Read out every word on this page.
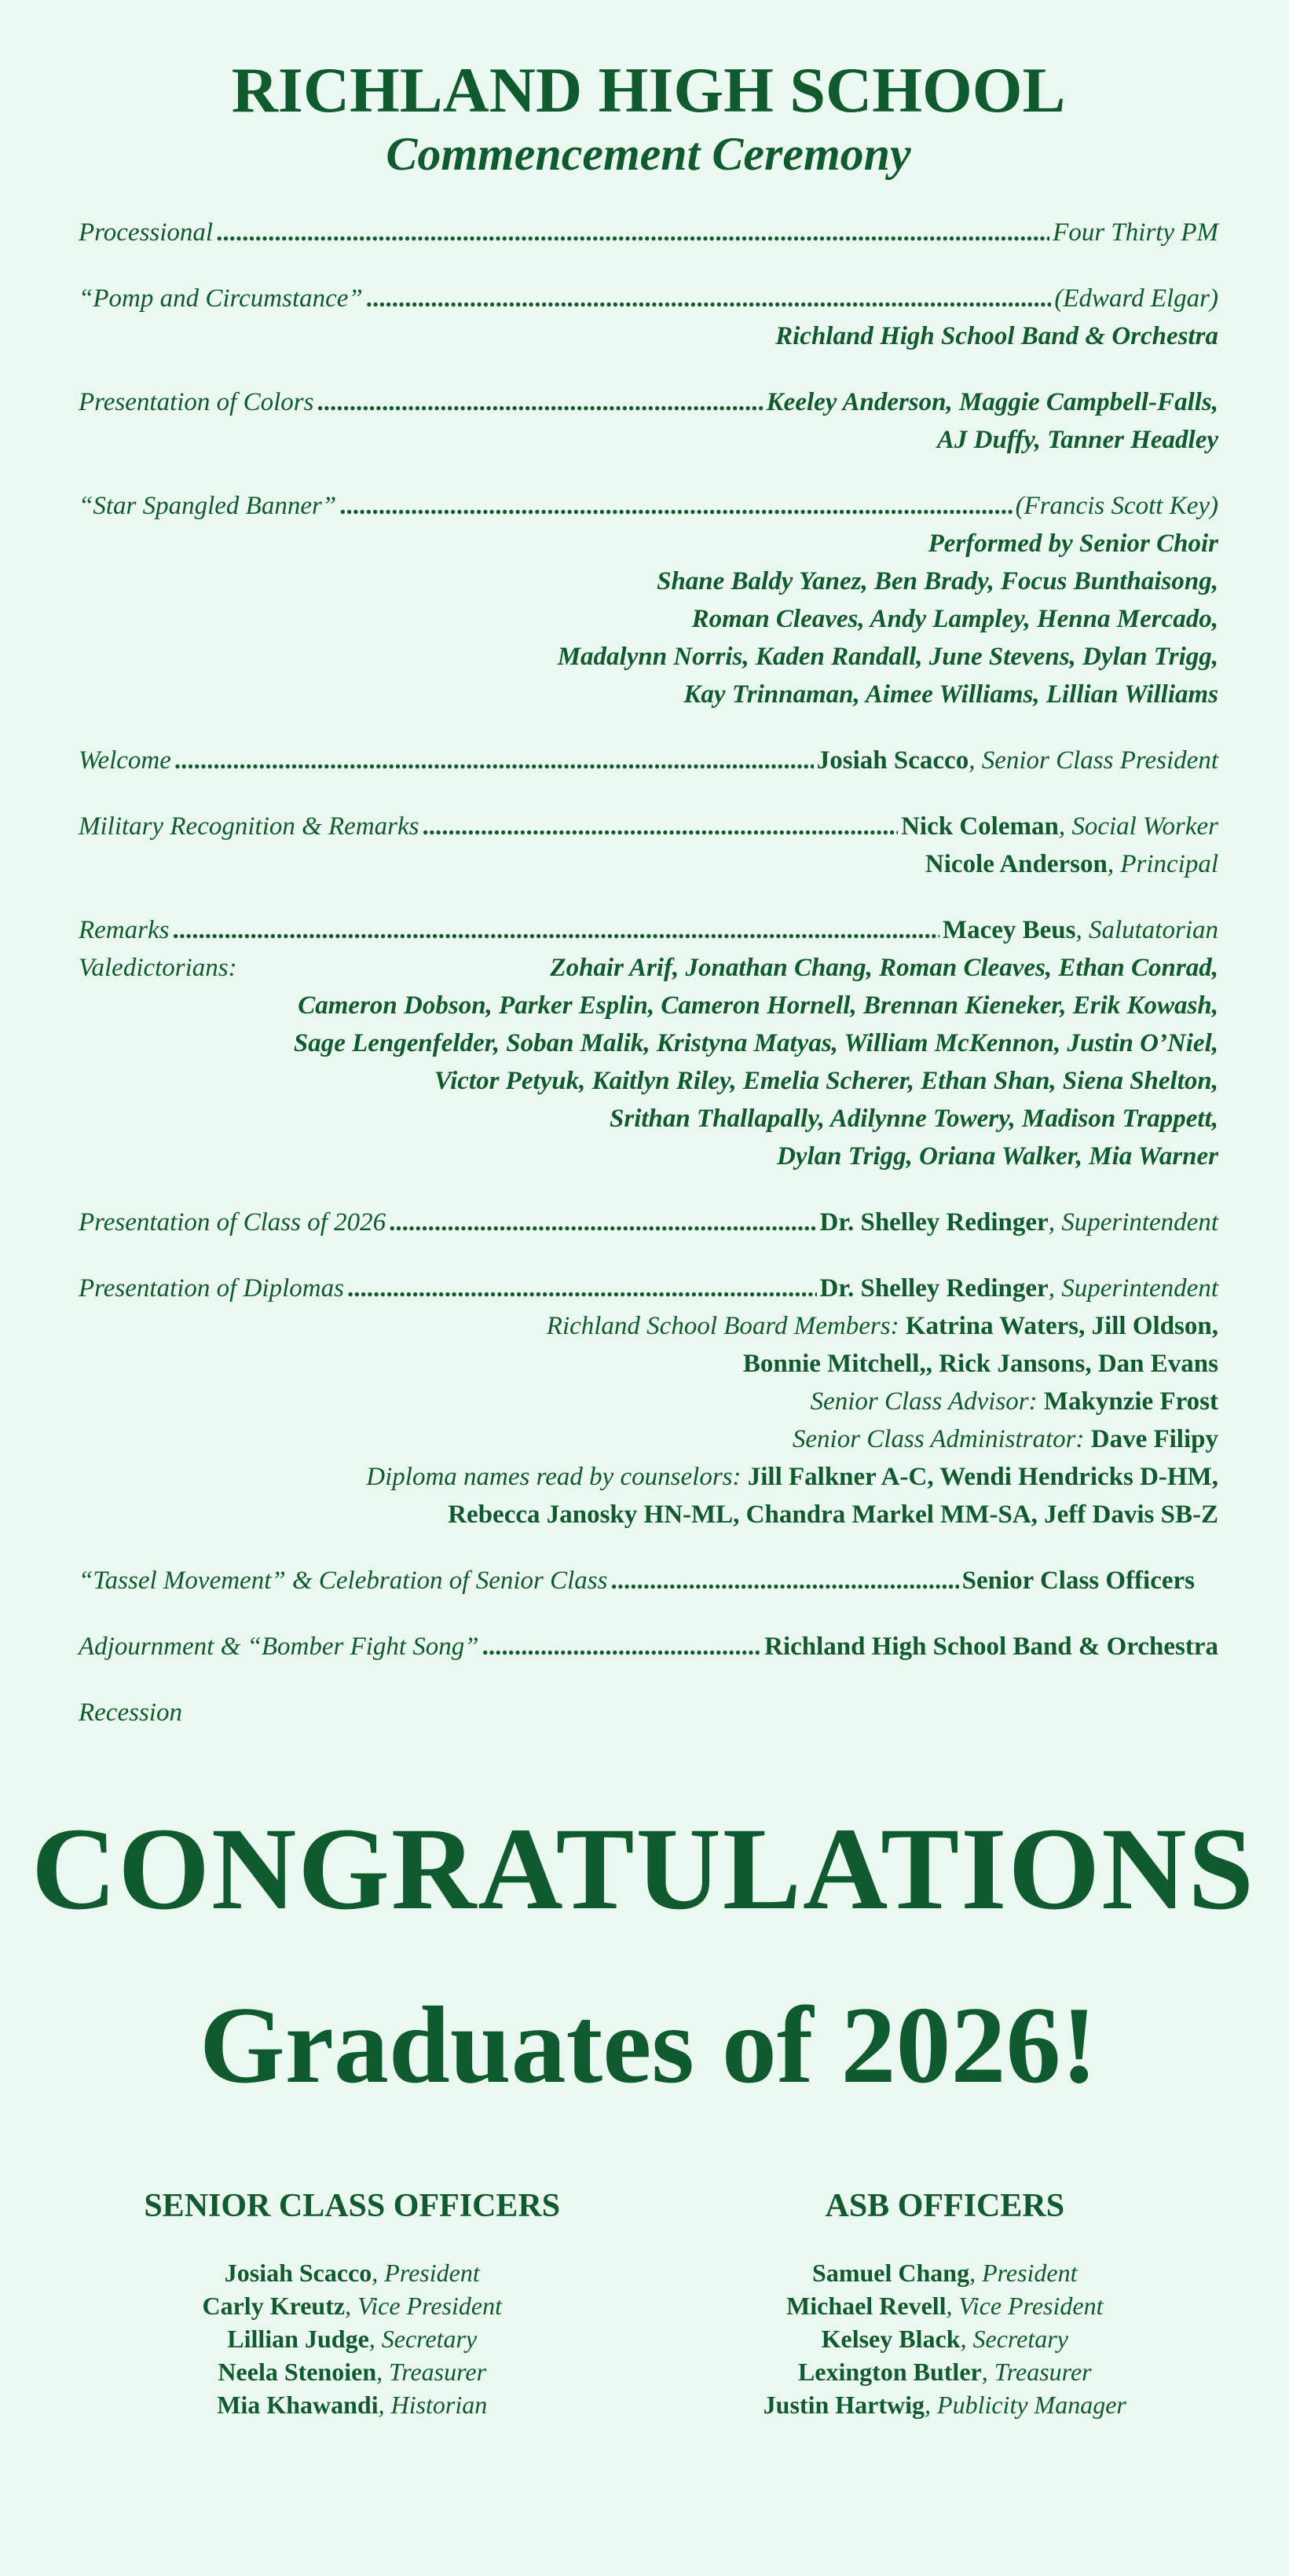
RICHLAND HIGH SCHOOL
Commencement Ceremony
Processional .....	Four Thirty PM
“Pomp and Circumstance” .....	(Edward Elgar)
Richland High School Band & Orchestra
Presentation of Colors .....	Keeley Anderson, Maggie Campbell-Falls,
AJ Duffy, Tanner Headley
“Star Spangled Banner” .....	(Francis Scott Key)
Performed by Senior Choir
Shane Baldy Yanez, Ben Brady, Focus Bunthaisong,
Roman Cleaves, Andy Lampley, Henna Mercado,
Madalynn Norris, Kaden Randall, June Stevens, Dylan Trigg,
Kay Trinnaman, Aimee Williams, Lillian Williams
Welcome .....	Josiah Scacco, Senior Class President
Military Recognition & Remarks .....	Nick Coleman, Social Worker
Nicole Anderson, Principal
Remarks .....	Macey Beus, Salutatorian
Valedictorians:	Zohair Arif, Jonathan Chang, Roman Cleaves, Ethan Conrad,
Cameron Dobson, Parker Esplin, Cameron Hornell, Brennan Kieneker, Erik Kowash,
Sage Lengenfelder, Soban Malik, Kristyna Matyas, William McKennon, Justin O’Niel,
Victor Petyuk, Kaitlyn Riley, Emelia Scherer, Ethan Shan, Siena Shelton,
Srithan Thallapally, Adilynne Towery, Madison Trappett,
Dylan Trigg, Oriana Walker, Mia Warner
Presentation of Class of 2026 .....	Dr. Shelley Redinger, Superintendent
Presentation of Diplomas .....	Dr. Shelley Redinger, Superintendent
Richland School Board Members: Katrina Waters, Jill Oldson,
Bonnie Mitchell,, Rick Jansons, Dan Evans
Senior Class Advisor: Makynzie Frost
Senior Class Administrator: Dave Filipy
Diploma names read by counselors: Jill Falkner A-C, Wendi Hendricks D-HM,
Rebecca Janosky HN-ML, Chandra Markel MM-SA, Jeff Davis SB-Z
“Tassel Movement” & Celebration of Senior Class .....	Senior Class Officers
Adjournment & “Bomber Fight Song” .....	Richland High School Band & Orchestra
Recession
CONGRATULATIONS
Graduates of 2026!
SENIOR CLASS OFFICERS
Josiah Scacco, President
Carly Kreutz, Vice President
Lillian Judge, Secretary
Neela Stenoien, Treasurer
Mia Khawandi, Historian
ASB OFFICERS
Samuel Chang, President
Michael Revell, Vice President
Kelsey Black, Secretary
Lexington Butler, Treasurer
Justin Hartwig, Publicity Manager
